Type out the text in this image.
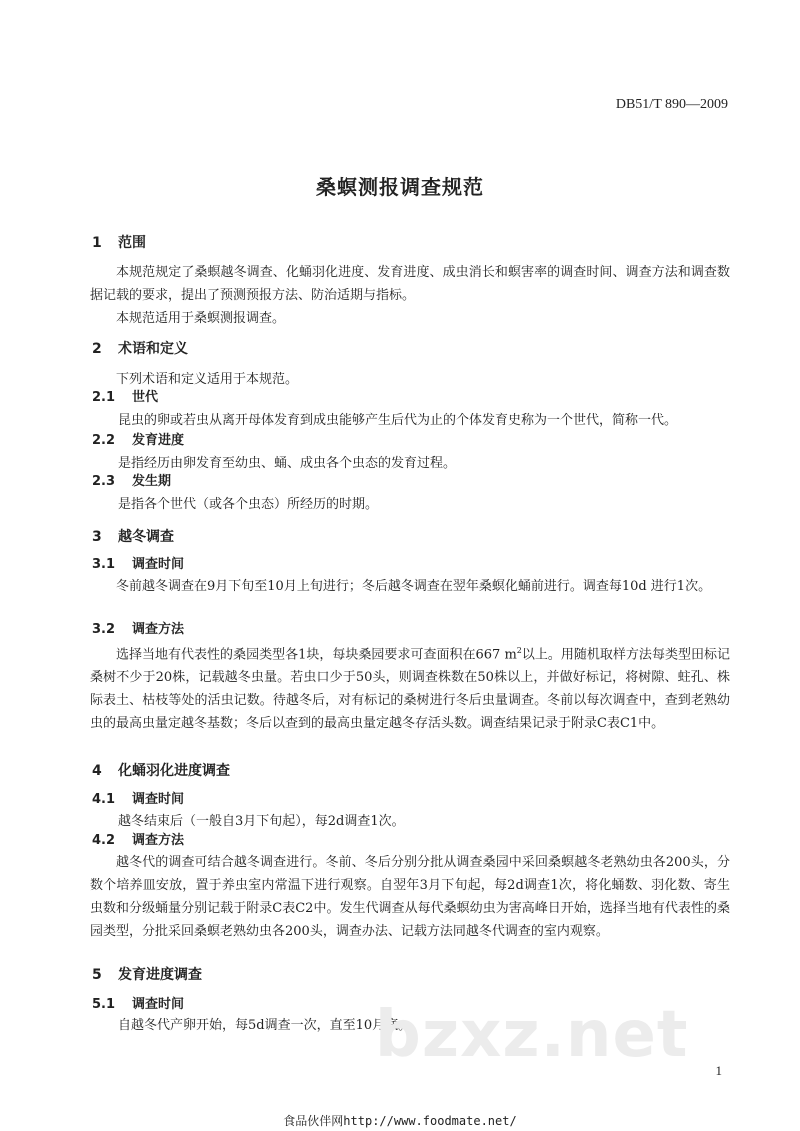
DB51/T 890—2009
桑螟测报调查规范
1 范围
本规范规定了桑螟越冬调查、化蛹羽化进度、发育进度、成虫消长和螟害率的调查时间、调查方法和调查数据记载的要求，提出了预测预报方法、防治适期与指标。
本规范适用于桑螟测报调查。
2 术语和定义
下列术语和定义适用于本规范。
2.1 世代
昆虫的卵或若虫从离开母体发育到成虫能够产生后代为止的个体发育史称为一个世代，简称一代。
2.2 发育进度
是指经历由卵发育至幼虫、蛹、成虫各个虫态的发育过程。
2.3 发生期
是指各个世代（或各个虫态）所经历的时期。
3 越冬调查
3.1 调查时间
冬前越冬调查在9月下旬至10月上旬进行；冬后越冬调查在翌年桑螟化蛹前进行。调查每10d 进行1次。
3.2 调查方法
选择当地有代表性的桑园类型各1块，每块桑园要求可查面积在667 $m^2$以上。用随机取样方法每类型田标记桑树不少于20株，记载越冬虫量。若虫口少于50头，则调查株数在50株以上，并做好标记，将树隙、蛀孔、株际表土、枯枝等处的活虫记数。待越冬后，对有标记的桑树进行冬后虫量调查。冬前以每次调查中，查到老熟幼虫的最高虫量定越冬基数；冬后以查到的最高虫量定越冬存活头数。调查结果记录于附录C表C1中。
4 化蛹羽化进度调查
4.1 调查时间
越冬结束后（一般自3月下旬起），每2d调查1次。
4.2 调查方法
越冬代的调查可结合越冬调查进行。冬前、冬后分别分批从调查桑园中采回桑螟越冬老熟幼虫各200头，分数个培养皿安放，置于养虫室内常温下进行观察。自翌年3月下旬起，每2d调查1次，将化蛹数、羽化数、寄生虫数和分级蛹量分别记载于附录C表C2中。发生代调查从每代桑螟幼虫为害高峰日开始，选择当地有代表性的桑园类型，分批采回桑螟老熟幼虫各200头，调查办法、记载方法同越冬代调查的室内观察。
5 发育进度调查
5.1 调查时间
自越冬代产卵开始，每5d调查一次，直至10月底。
bzxz.net 1
食品伙伴网http://www.foodmate.net/
